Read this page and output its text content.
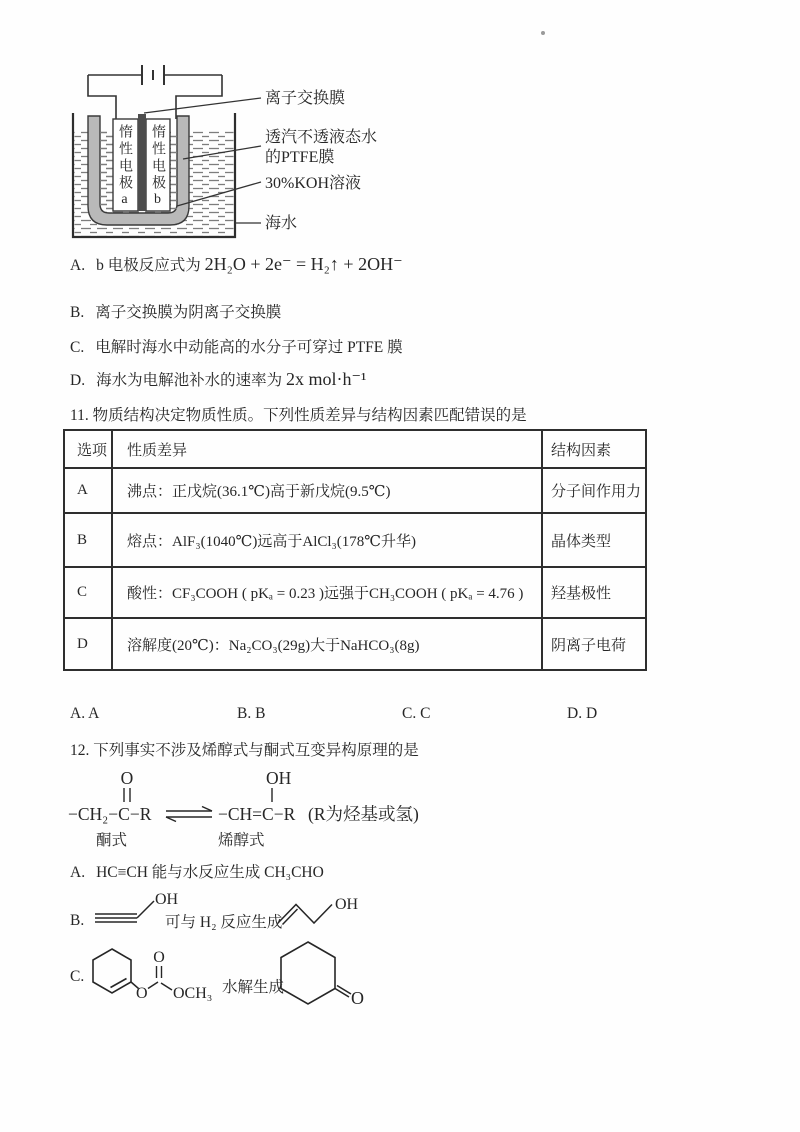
离子交换膜
透汽不透液态水
的PTFE膜
30%KOH溶液
海水
惰性电极a 惰性电极b
A. b 电极反应式为 2H₂O + 2e⁻ = H₂↑ + 2OH⁻
B. 离子交换膜为阴离子交换膜
C. 电解时海水中动能高的水分子可穿过 PTFE 膜
D. 海水为电解池补水的速率为 2x mol·h⁻¹
11. 物质结构决定物质性质。下列性质差异与结构因素匹配错误的是
选项	性质差异	结构因素
A	沸点：正戊烷(36.1℃)高于新戊烷(9.5℃)	分子间作用力
B	熔点：AlF₃(1040℃)远高于AlCl₃(178℃升华)	晶体类型
C	酸性：CF₃COOH ( pKₐ = 0.23 )远强于CH₃COOH ( pKₐ = 4.76 )	羟基极性
D	溶解度(20℃)：Na₂CO₃(29g)大于NaHCO₃(8g)	阴离子电荷
A. A	B. B	C. C	D. D
12. 下列事实不涉及烯醇式与酮式互变异构原理的是
−CH₂−C−R
O
−CH=C−R
OH
(R为烃基或氢)
酮式	烯醇式
A. HC≡CH 能与水反应生成 CH₃CHO
B.
OH
可与 H₂ 反应生成
OH
C.
O
O
OCH₃ 水解生成
O
